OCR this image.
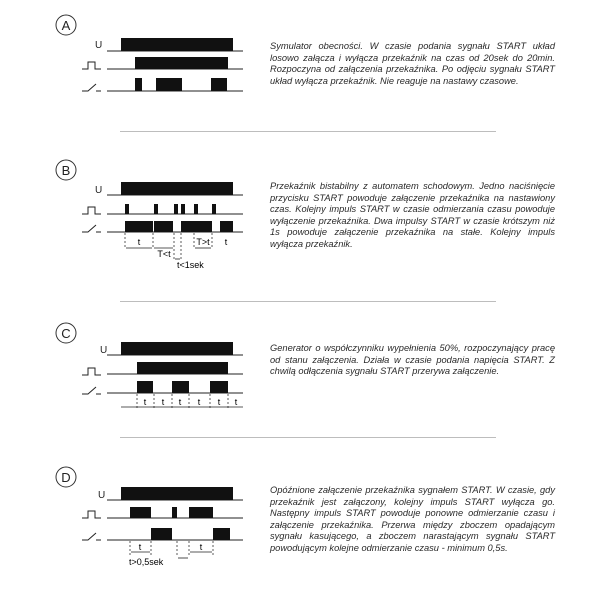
A
U	Symulator obecności. W czasie podania sygnału START układ losowo załącza i wyłącza przekaźnik na czas od 20sek do 20min. Rozpoczyna od załączenia przekaźnika. Po odjęciu sygnału START układ wyłącza przekaźnik. Nie reaguje na nastawy czasowe.
B
U
t
T<t
t<1sek
T>t t
Przekaźnik bistabilny z automatem schodowym. Jedno naciśnięcie przycisku START powoduje załączenie przekaźnika na nastawiony czas. Kolejny impuls START w czasie odmierzania czasu powoduje wyłączenie przekaźnika. Dwa impulsy START w czasie krótszym niż 1s powoduje załączenie przekaźnika na stałe. Kolejny impuls wyłącza przekaźnik.
C
U
t t t t t t
Generator o współczynniku wypełnienia 50%, rozpoczynający pracę od stanu załączenia. Działa w czasie podania napięcia START. Z chwilą odłączenia sygnału START przerywa załączenie.
D
U
t	t
t>0,5sek
Opóźnione załączenie przekaźnika sygnałem START. W czasie, gdy przekaźnik jest załączony, kolejny impuls START wyłącza go. Następny impuls START powoduje ponowne odmierzanie czasu i załączenie przekaźnika. Przerwa między zboczem opadającym sygnału kasującego, a zboczem narastającym sygnału START powodującym kolejne odmierzanie czasu - minimum 0,5s.
